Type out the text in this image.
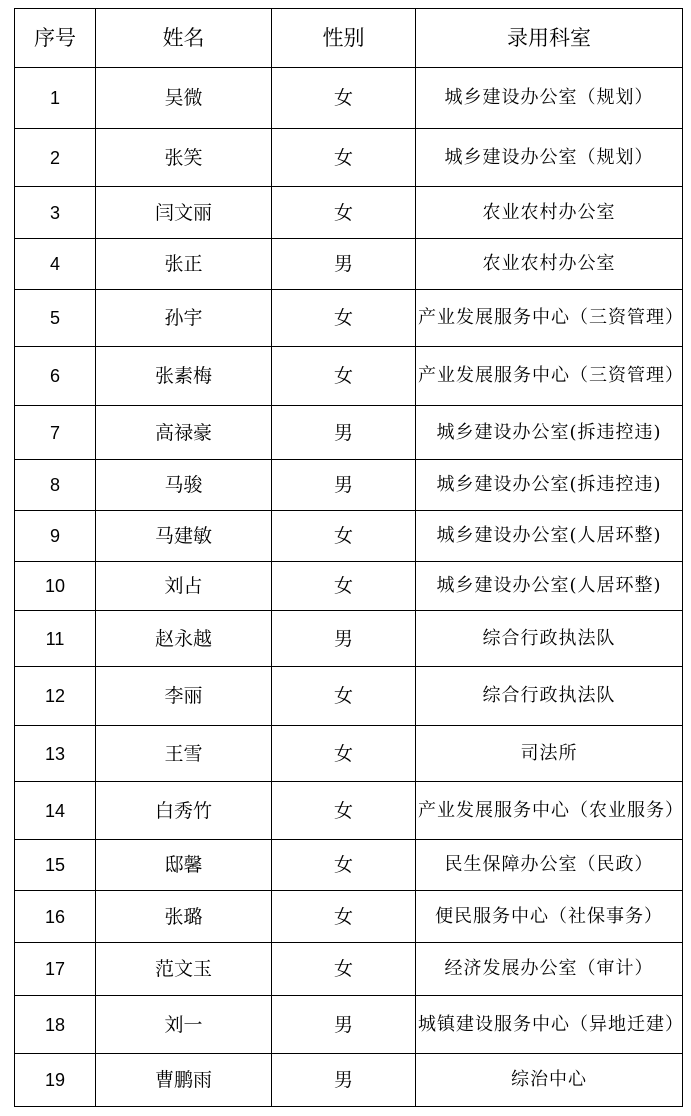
序号	姓名	性别	录用科室
1	吴微	女	城乡建设办公室（规划）
2	张笑	女	城乡建设办公室（规划）
3	闫文丽	女	农业农村办公室
4	张正	男	农业农村办公室
5	孙宇	女	产业发展服务中心（三资管理）
6	张素梅	女	产业发展服务中心（三资管理）
7	高禄豪	男	城乡建设办公室(拆违控违)
8	马骏	男	城乡建设办公室(拆违控违)
9	马建敏	女	城乡建设办公室(人居环整)
10	刘占	女	城乡建设办公室(人居环整)
11	赵永越	男	综合行政执法队
12	李丽	女	综合行政执法队
13	王雪	女	司法所
14	白秀竹	女	产业发展服务中心（农业服务）
15	邸馨	女	民生保障办公室（民政）
16	张璐	女	便民服务中心（社保事务）
17	范文玉	女	经济发展办公室（审计）
18	刘一	男	城镇建设服务中心（异地迁建）
19	曹鹏雨	男	综治中心
